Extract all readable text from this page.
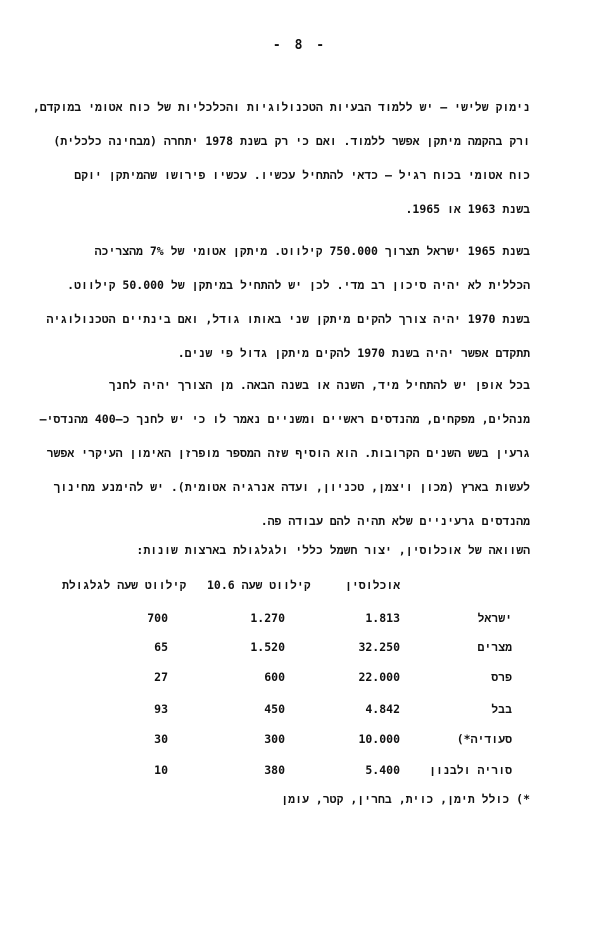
- 8 -
נימוק שלישי – יש ללמוד הבעיות הטכנולוגיות והכלכליות של כוח אטומי במוקדם,
ורק בהקמה מיתקן אפשר ללמוד. ואם כי רק בשנת 1978 יתחרה (מבחינה כלכלית)
כוח אטומי בכוח רגיל – כדאי להתחיל עכשיו. עכשיו פירושו שהמיתקן יוקם
בשנת 1963 או 1965.
בשנת 1965 ישראל תצרוך 750.000 קילווט. מיתקן אטומי של 7% מהצריכה
הכללית לא יהיה סיכון רב מדי. לכן יש להתחיל במיתקן של 50.000 קילווט.
בשנת 1970 יהיה צורך להקים מיתקן שני באותו גודל, ואם בינתיים הטכנולוגיה
תתקדם אפשר יהיה בשנת 1970 להקים מיתקן גדול פי שנים.
בכל אופן יש להתחיל מיד, השנה או בשנה הבאה. מן הצורך יהיה לחנך
מנהלים, מפקחים, מהנדסים ראשיים ומשניים נאמר לו כי יש לחנך כ–400 מהנדסי–
גרעין בשש השנים הקרובות. הוא הוסיף שזה המספר מופרזן האימון העיקרי אפשר
לעשות בארץ (מכון ויצמן, טכניון, ועדה אנרגיה אטומית). יש להימנע מחינוך
מהנדסים גרעיניים שלא תהיה להם עבודה פה.
השוואה של אוכלוסין, יצור חשמל כללי ולגלגולת בארצות שונות:
אוכלוסין
10.6 קילווט שעה
קילווט שעה לגלגולת
ישראל
1.813
1.270
700
מצרים
32.250
1.520
65
פרס
22.000
600
27
בבל
4.842
450
93
סעודיה*)
10.000
300
30
סוריה ולבנון
5.400
380
10
*) כולל תימן, כוית, בחרין, קטר, עומן
